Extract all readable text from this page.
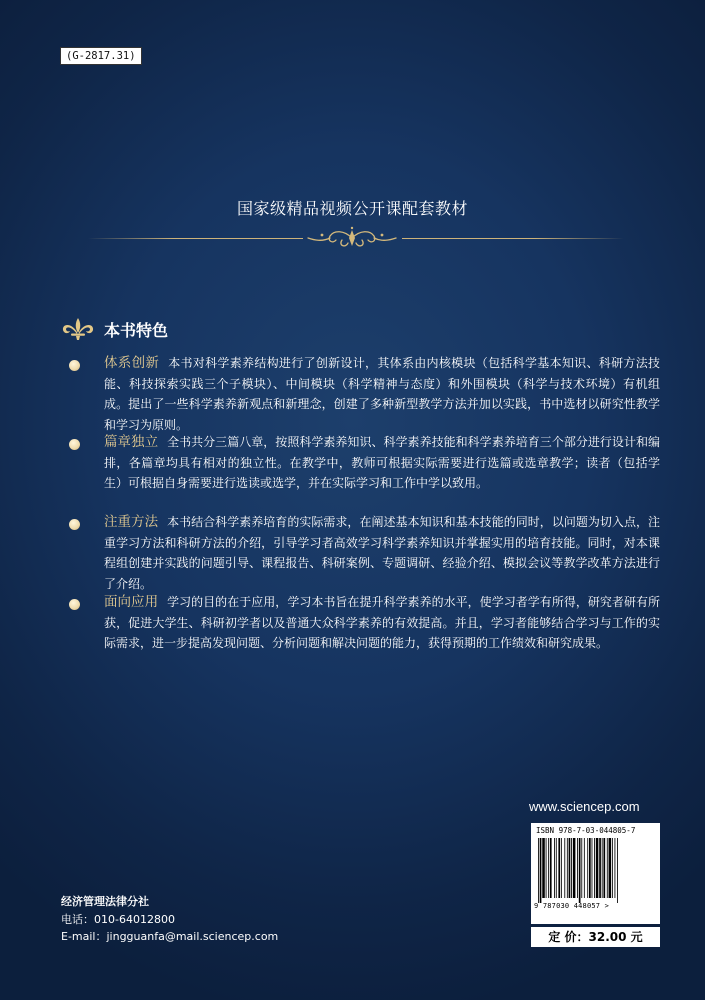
(G-2817.31)
国家级精品视频公开课配套教材
本书特色
体系创新 本书对科学素养结构进行了创新设计，其体系由内核模块（包括科学基本知识、科研方法技能、科技探索实践三个子模块）、中间模块（科学精神与态度）和外围模块（科学与技术环境）有机组成。提出了一些科学素养新观点和新理念，创建了多种新型教学方法并加以实践，书中选材以研究性教学和学习为原则。
篇章独立 全书共分三篇八章，按照科学素养知识、科学素养技能和科学素养培育三个部分进行设计和编排，各篇章均具有相对的独立性。在教学中，教师可根据实际需要进行选篇或选章教学；读者（包括学生）可根据自身需要进行选读或选学，并在实际学习和工作中学以致用。
注重方法 本书结合科学素养培育的实际需求，在阐述基本知识和基本技能的同时，以问题为切入点，注重学习方法和科研方法的介绍，引导学习者高效学习科学素养知识并掌握实用的培育技能。同时，对本课程组创建并实践的问题引导、课程报告、科研案例、专题调研、经验介绍、模拟会议等教学改革方法进行了介绍。
面向应用 学习的目的在于应用，学习本书旨在提升科学素养的水平，使学习者学有所得，研究者研有所获，促进大学生、科研初学者以及普通大众科学素养的有效提高。并且，学习者能够结合学习与工作的实际需求，进一步提高发现问题、分析问题和解决问题的能力，获得预期的工作绩效和研究成果。
www.sciencep.com
ISBN 978-7-03-044805-7
9 787030 448057 >
定 价：32.00 元
经济管理法律分社
电话：010-64012800
E-mail：jingguanfa@mail.sciencep.com
